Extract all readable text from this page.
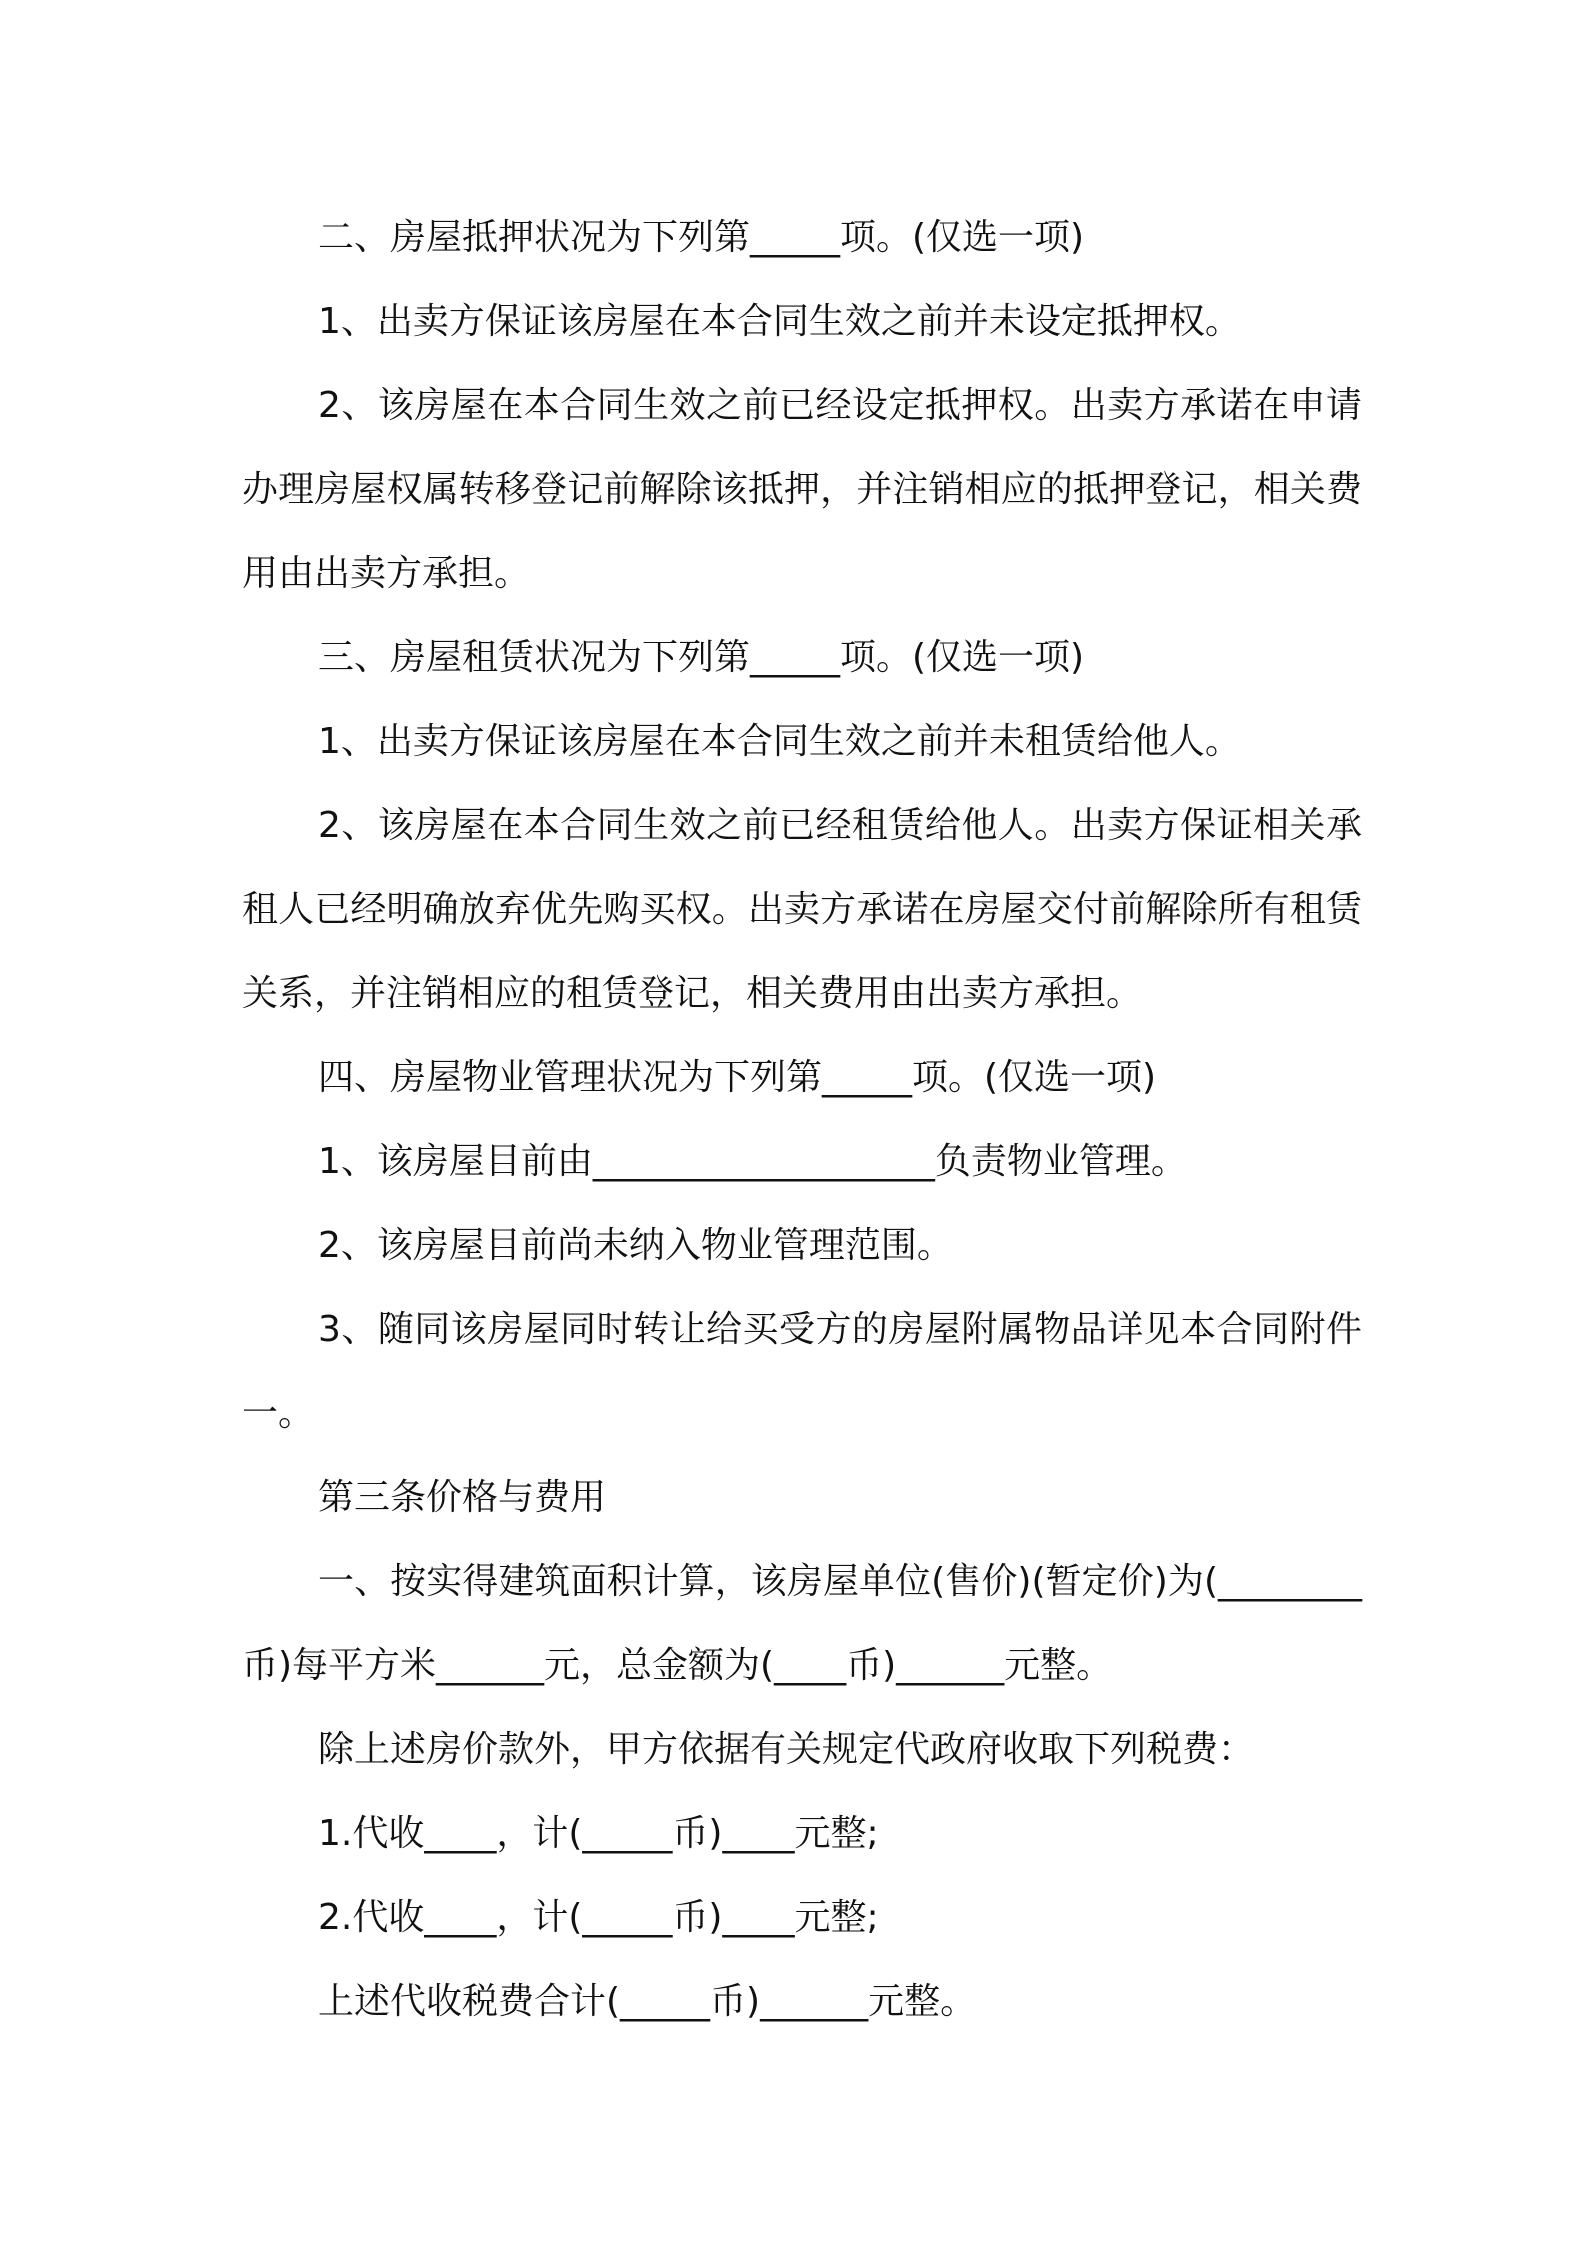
二、房屋抵押状况为下列第_____项。(仅选一项)

1、出卖方保证该房屋在本合同生效之前并未设定抵押权。

2、该房屋在本合同生效之前已经设定抵押权。出卖方承诺在申请办理房屋权属转移登记前解除该抵押，并注销相应的抵押登记，相关费用由出卖方承担。

三、房屋租赁状况为下列第_____项。(仅选一项)

1、出卖方保证该房屋在本合同生效之前并未租赁给他人。

2、该房屋在本合同生效之前已经租赁给他人。出卖方保证相关承租人已经明确放弃优先购买权。出卖方承诺在房屋交付前解除所有租赁关系，并注销相应的租赁登记，相关费用由出卖方承担。

四、房屋物业管理状况为下列第_____项。(仅选一项)

1、该房屋目前由___________________负责物业管理。

2、该房屋目前尚未纳入物业管理范围。

3、随同该房屋同时转让给买受方的房屋附属物品详见本合同附件一。

第三条价格与费用

一、按实得建筑面积计算，该房屋单位(售价)(暂定价)为(________币)每平方米______元，总金额为(____币)______元整。

除上述房价款外，甲方依据有关规定代政府收取下列税费：

1.代收____，计(_____币)____元整;

2.代收____，计(_____币)____元整;

上述代收税费合计(_____币)______元整。
